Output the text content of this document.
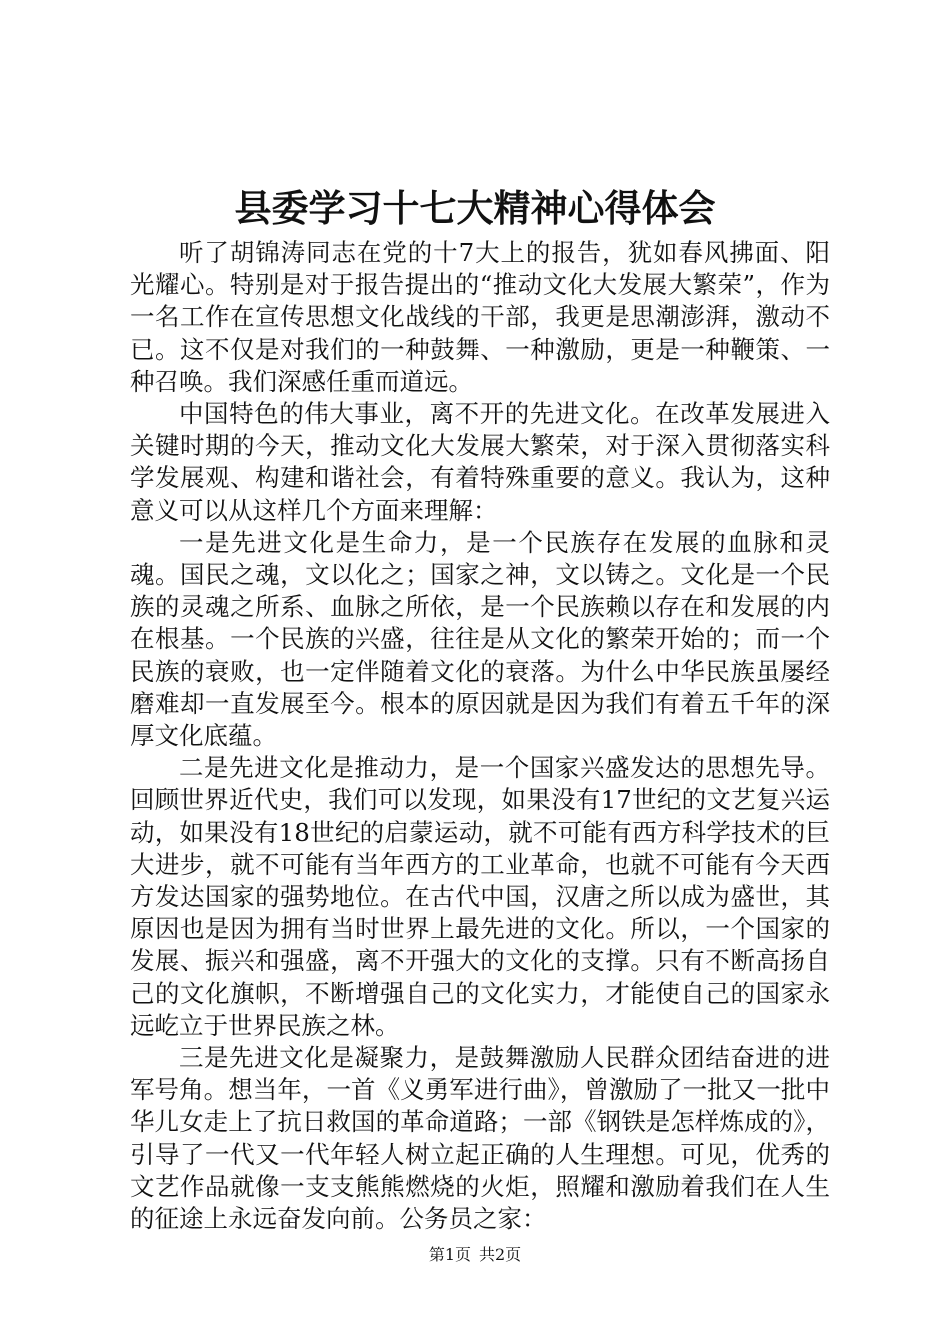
县委学习十七大精神心得体会

听了胡锦涛同志在党的十7大上的报告，犹如春风拂面、阳光耀心。特别是对于报告提出的“推动文化大发展大繁荣”，作为一名工作在宣传思想文化战线的干部，我更是思潮澎湃，激动不已。这不仅是对我们的一种鼓舞、一种激励，更是一种鞭策、一种召唤。我们深感任重而道远。

中国特色的伟大事业，离不开的先进文化。在改革发展进入关键时期的今天，推动文化大发展大繁荣，对于深入贯彻落实科学发展观、构建和谐社会，有着特殊重要的意义。我认为，这种意义可以从这样几个方面来理解：

一是先进文化是生命力，是一个民族存在发展的血脉和灵魂。国民之魂，文以化之；国家之神，文以铸之。文化是一个民族的灵魂之所系、血脉之所依，是一个民族赖以存在和发展的内在根基。一个民族的兴盛，往往是从文化的繁荣开始的；而一个民族的衰败，也一定伴随着文化的衰落。为什么中华民族虽屡经磨难却一直发展至今。根本的原因就是因为我们有着五千年的深厚文化底蕴。

二是先进文化是推动力，是一个国家兴盛发达的思想先导。回顾世界近代史，我们可以发现，如果没有17世纪的文艺复兴运动，如果没有18世纪的启蒙运动，就不可能有西方科学技术的巨大进步，就不可能有当年西方的工业革命，也就不可能有今天西方发达国家的强势地位。在古代中国，汉唐之所以成为盛世，其原因也是因为拥有当时世界上最先进的文化。所以，一个国家的发展、振兴和强盛，离不开强大的文化的支撑。只有不断高扬自己的文化旗帜，不断增强自己的文化实力，才能使自己的国家永远屹立于世界民族之林。

三是先进文化是凝聚力，是鼓舞激励人民群众团结奋进的进军号角。想当年，一首《义勇军进行曲》，曾激励了一批又一批中华儿女走上了抗日救国的革命道路；一部《钢铁是怎样炼成的》，引导了一代又一代年轻人树立起正确的人生理想。可见，优秀的文艺作品就像一支支熊熊燃烧的火炬，照耀和激励着我们在人生的征途上永远奋发向前。公务员之家：

第1页 共2页
